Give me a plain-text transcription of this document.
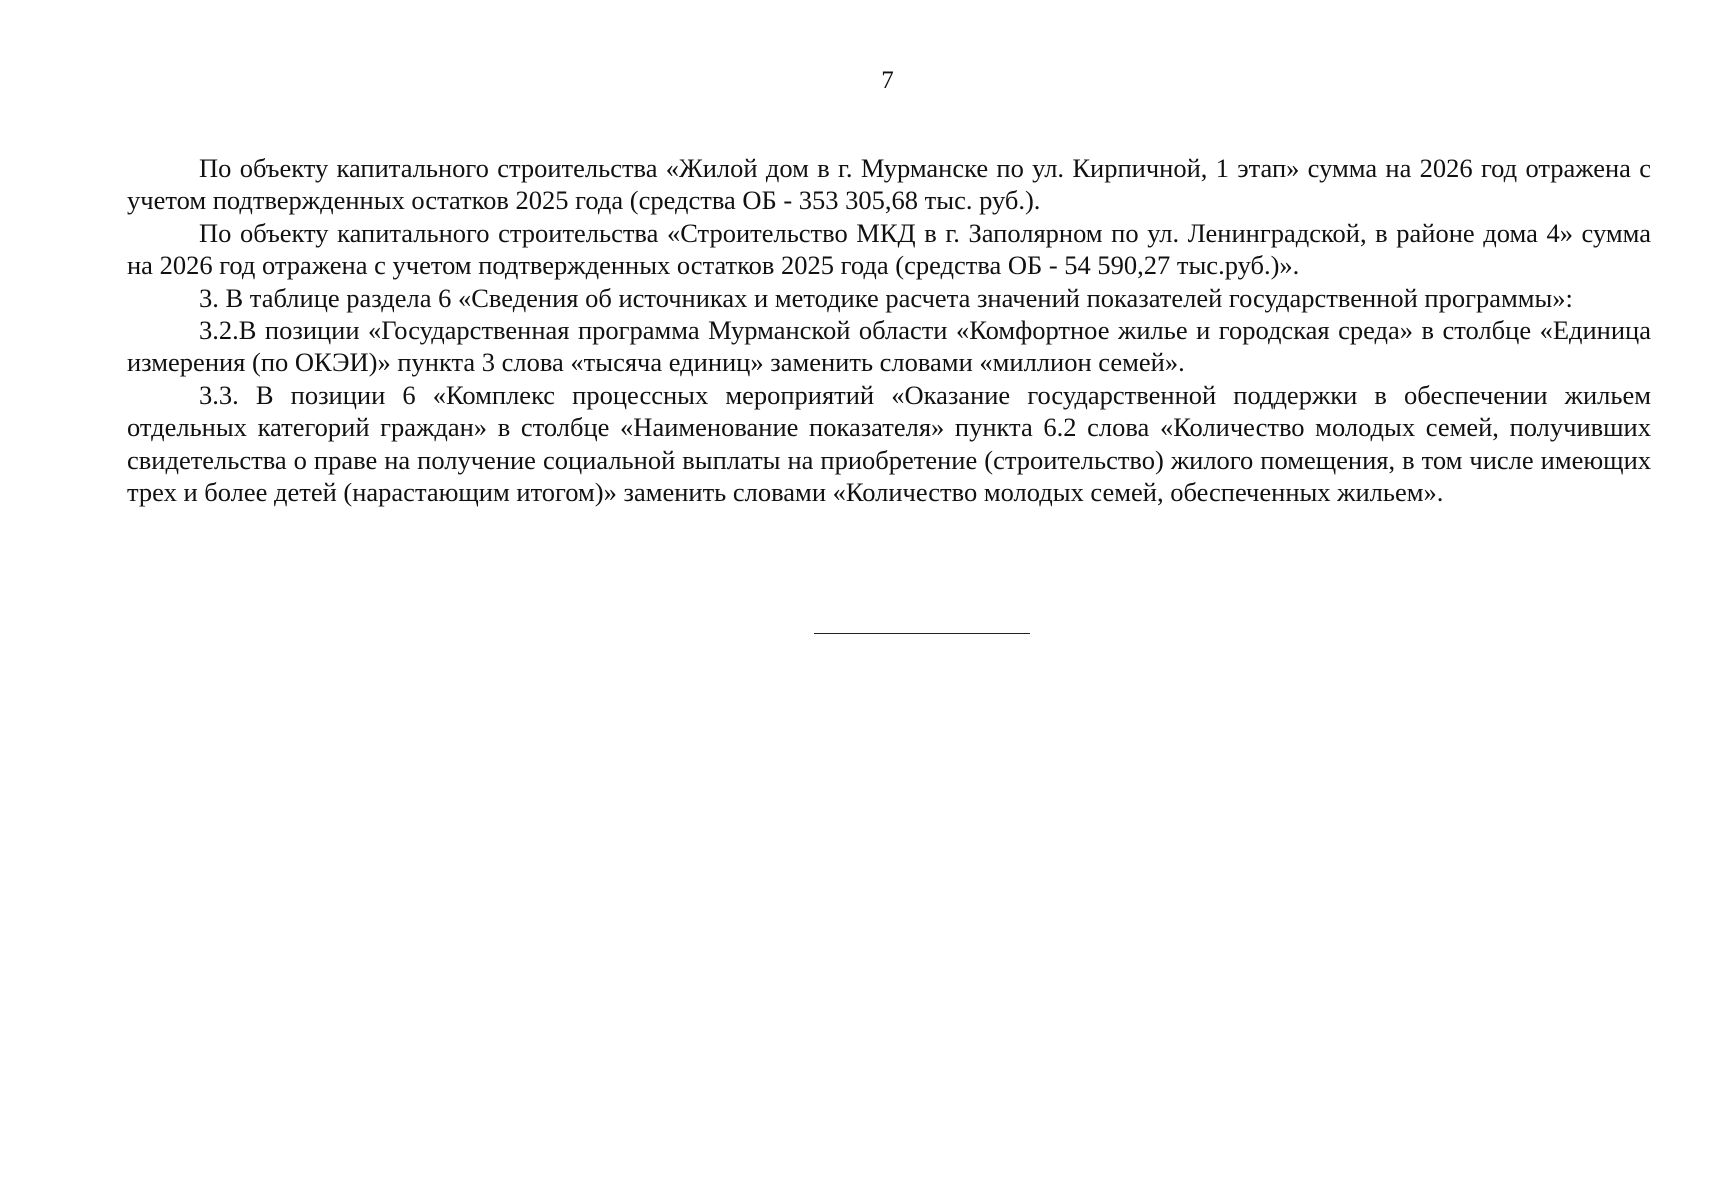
7

По объекту капитального строительства «Жилой дом в г. Мурманске по ул. Кирпичной, 1 этап» сумма на 2026 год отражена с учетом подтвержденных остатков 2025 года (средства ОБ - 353 305,68 тыс. руб.).

По объекту капитального строительства «Строительство МКД в г. Заполярном по ул. Ленинградской, в районе дома 4» сумма на 2026 год отражена с учетом подтвержденных остатков 2025 года (средства ОБ - 54 590,27 тыс.руб.)».

3. В таблице раздела 6 «Сведения об источниках и методике расчета значений показателей государственной программы»:

3.2.В позиции «Государственная программа Мурманской области «Комфортное жилье и городская среда» в столбце «Единица измерения (по ОКЭИ)» пункта 3 слова «тысяча единиц» заменить словами «миллион семей».

3.3. В позиции 6 «Комплекс процессных мероприятий «Оказание государственной поддержки в обеспечении жильем отдельных категорий граждан» в столбце «Наименование показателя» пункта 6.2 слова «Количество молодых семей, получивших свидетельства о праве на получение социальной выплаты на приобретение (строительство) жилого помещения, в том числе имеющих трех и более детей (нарастающим итогом)» заменить словами «Количество молодых семей, обеспеченных жильем».
